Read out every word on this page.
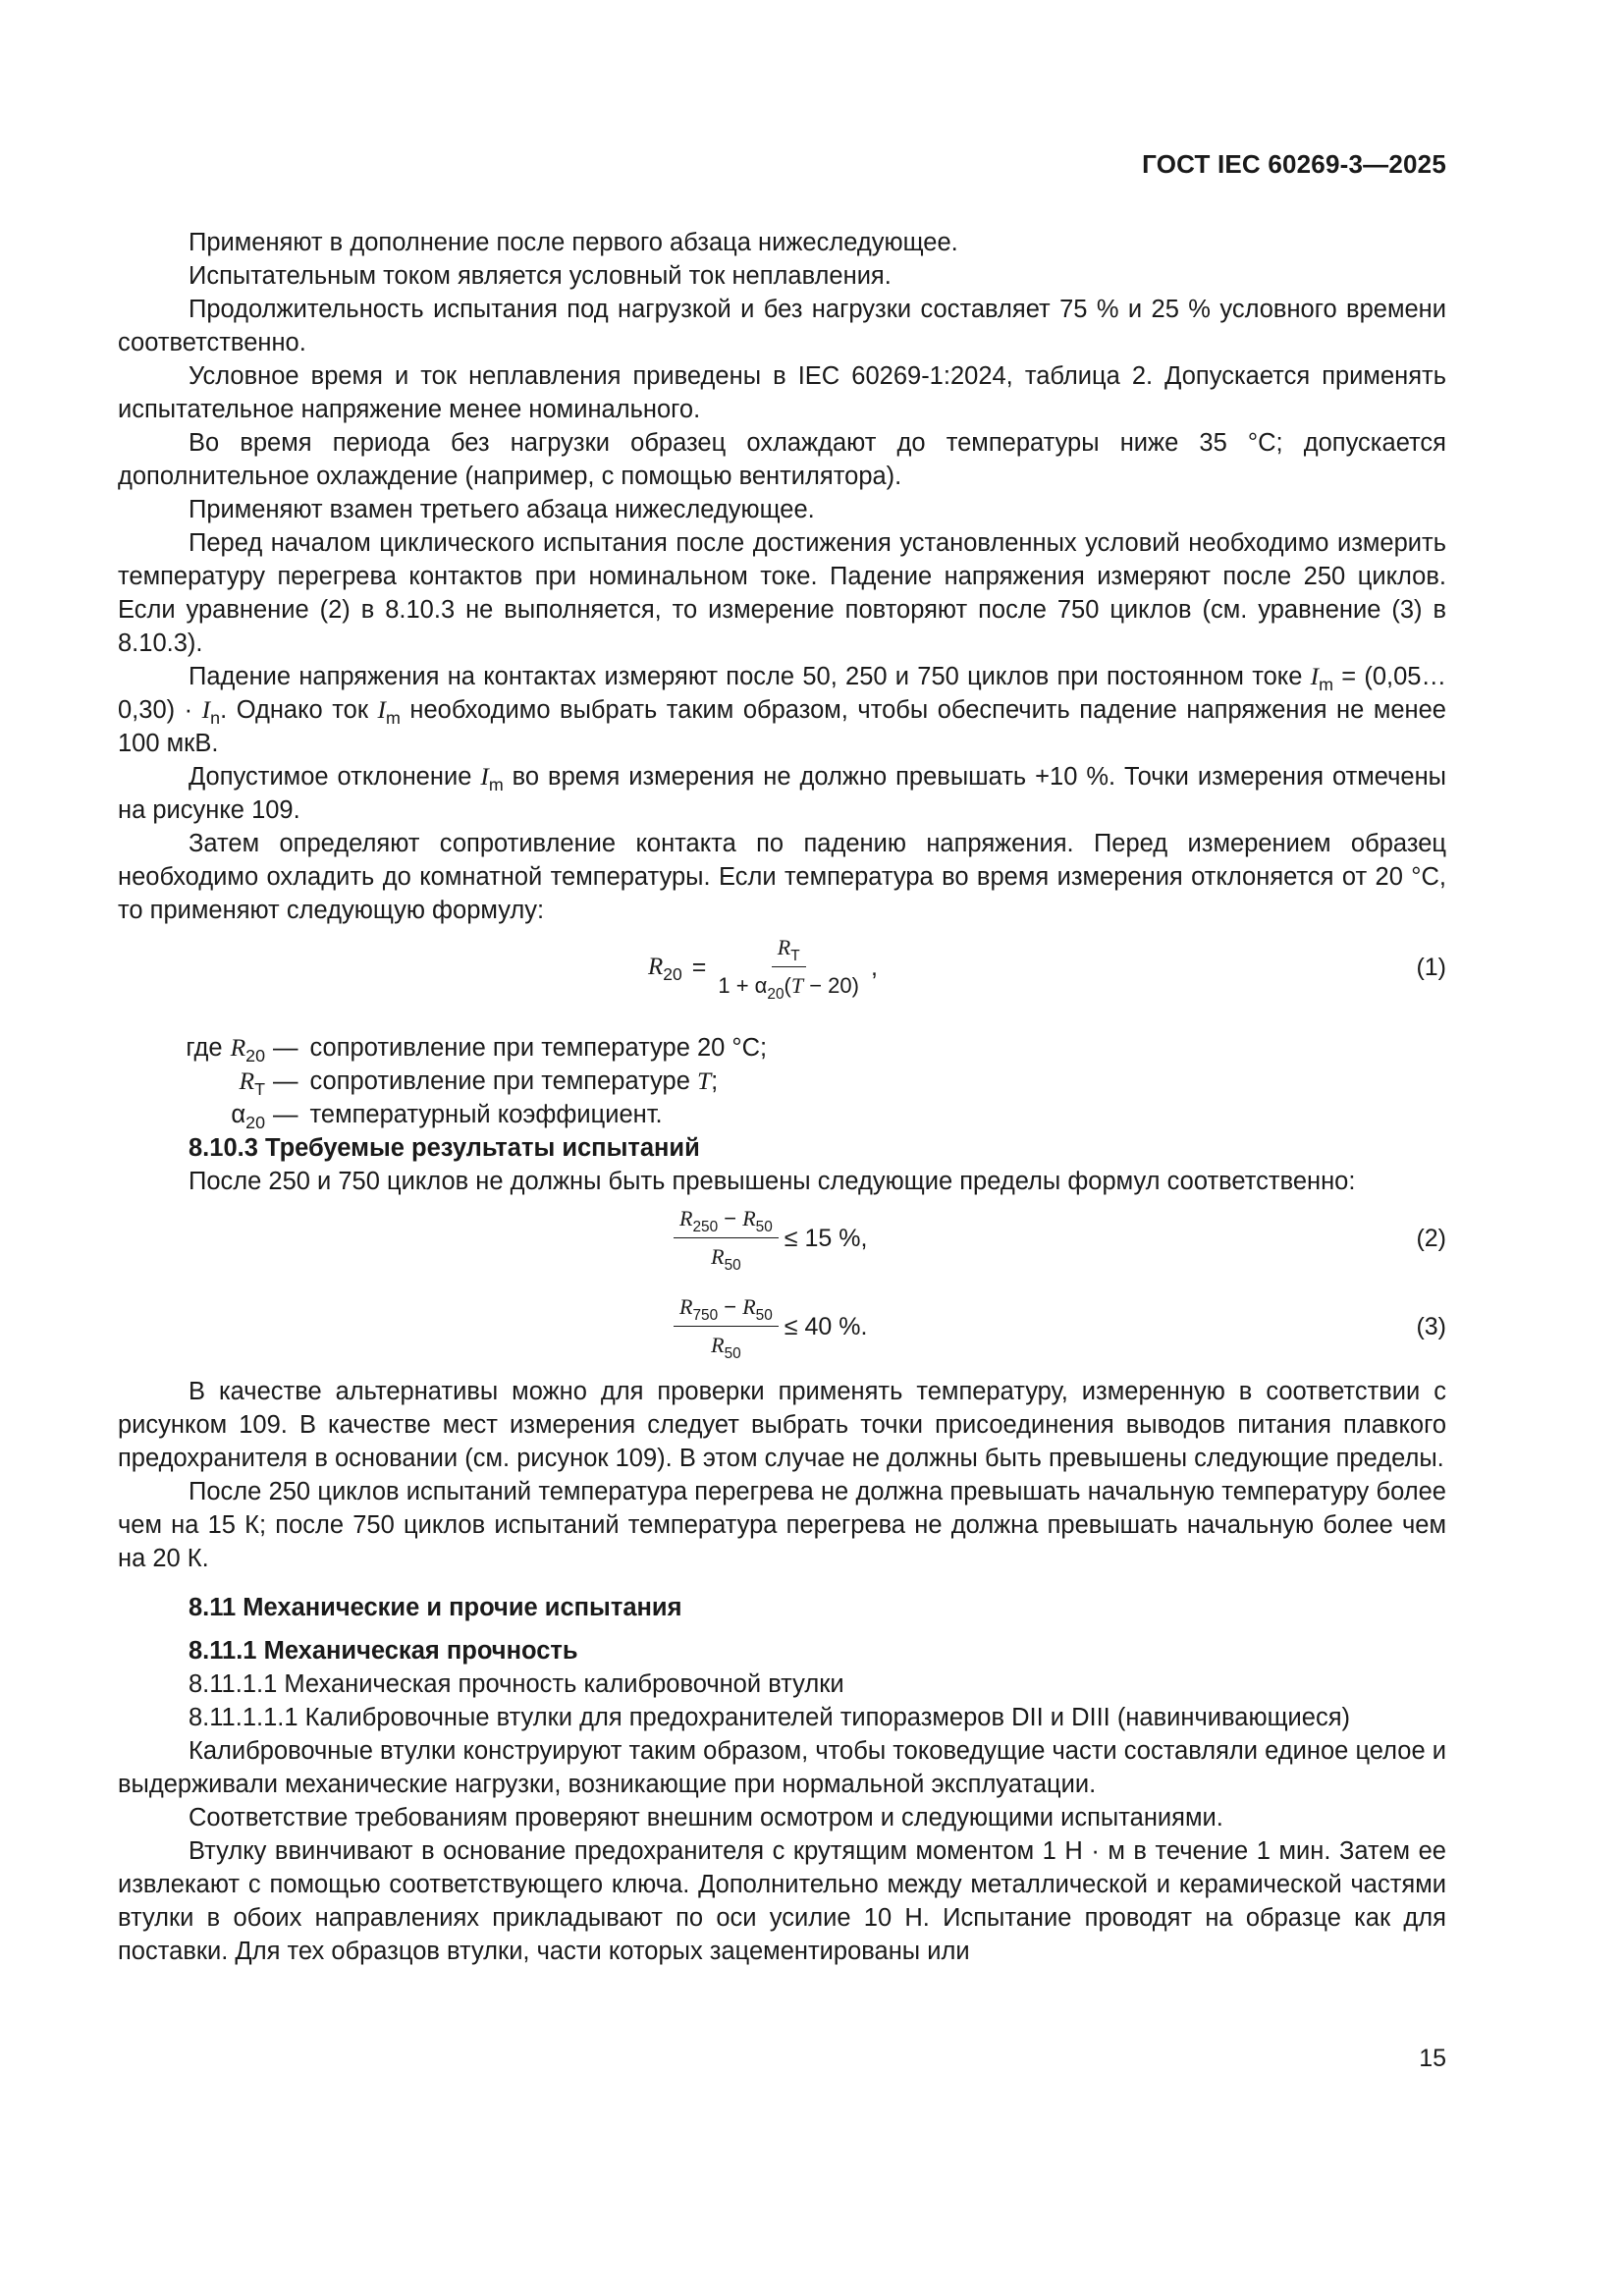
ГОСТ IEC 60269-3—2025

Применяют в дополнение после первого абзаца нижеследующее.

Испытательным током является условный ток неплавления.

Продолжительность испытания под нагрузкой и без нагрузки составляет 75 % и 25 % условного времени соответственно.

Условное время и ток неплавления приведены в IEC 60269-1:2024, таблица 2. Допускается применять испытательное напряжение менее номинального.

Во время периода без нагрузки образец охлаждают до температуры ниже 35 °С; допускается дополнительное охлаждение (например, с помощью вентилятора).

Применяют взамен третьего абзаца нижеследующее.

Перед началом циклического испытания после достижения установленных условий необходимо измерить температуру перегрева контактов при номинальном токе. Падение напряжения измеряют после 250 циклов. Если уравнение (2) в 8.10.3 не выполняется, то измерение повторяют после 750 циклов (см. уравнение (3) в 8.10.3).

Падение напряжения на контактах измеряют после 50, 250 и 750 циклов при постоянном токе $I_m$ = (0,05…0,30) · $I_n$. Однако ток $I_m$ необходимо выбрать таким образом, чтобы обеспечить падение напряжения не менее 100 мкВ.

Допустимое отклонение $I_m$ во время измерения не должно превышать +10 %. Точки измерения отмечены на рисунке 109.

Затем определяют сопротивление контакта по падению напряжения. Перед измерением образец необходимо охладить до комнатной температуры. Если температура во время измерения отклоняется от 20 °С, то применяют следующую формулу:

$R_{20} = \frac{R_T}{1 + \alpha_{20}(T - 20)}$ ,	(1)
где $R_{20}$ — сопротивление при температуре 20 °С;
$R_T$ — сопротивление при температуре T;
$\alpha_{20}$ — температурный коэффициент.

8.10.3 Требуемые результаты испытаний

После 250 и 750 циклов не должны быть превышены следующие пределы формул соответственно:

$\frac{R_{250} - R_{50}}{R_{50}} \le 15$ %,	(2)
$\frac{R_{750} - R_{50}}{R_{50}} \le 40$ %.	(3)

В качестве альтернативы можно для проверки применять температуру, измеренную в соответствии с рисунком 109. В качестве мест измерения следует выбрать точки присоединения выводов питания плавкого предохранителя в основании (см. рисунок 109). В этом случае не должны быть превышены следующие пределы.

После 250 циклов испытаний температура перегрева не должна превышать начальную температуру более чем на 15 К; после 750 циклов испытаний температура перегрева не должна превышать начальную более чем на 20 К.

8.11 Механические и прочие испытания

8.11.1 Механическая прочность

8.11.1.1 Механическая прочность калибровочной втулки

8.11.1.1.1 Калибровочные втулки для предохранителей типоразмеров DII и DIII (навинчивающиеся)

Калибровочные втулки конструируют таким образом, чтобы токоведущие части составляли единое целое и выдерживали механические нагрузки, возникающие при нормальной эксплуатации.

Соответствие требованиям проверяют внешним осмотром и следующими испытаниями.

Втулку ввинчивают в основание предохранителя с крутящим моментом 1 Н · м в течение 1 мин. Затем ее извлекают с помощью соответствующего ключа. Дополнительно между металлической и керамической частями втулки в обоих направлениях прикладывают по оси усилие 10 Н. Испытание проводят на образце как для поставки. Для тех образцов втулки, части которых зацементированы или

15
